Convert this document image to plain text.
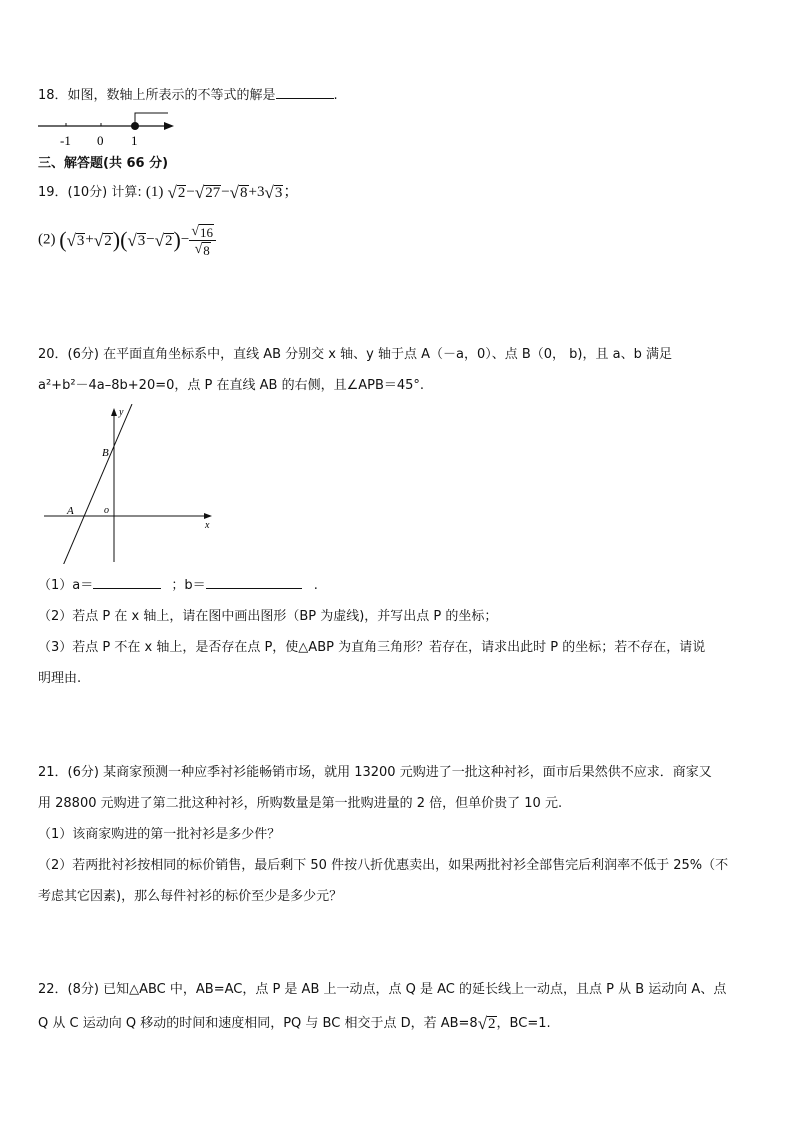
18．如图，数轴上所表示的不等式的解是	.
-1 0 1
三、解答题(共 66 分)
19．(10分) 计算: (1) √ 2 − √ 27 − √ 8 +3 √ 3 ；
(2) ( √ 3 + √ 2 )( √ 3 − √ 2 )− $\frac{√ 16}{√ 8}$
20．(6分) 在平面直角坐标系中，直线 AB 分别交 x 轴、y 轴于点 A（－a，0）、点 B（0， b)，且 a、b 满足
a²+b²－4a–8b+20=0，点 P 在直线 AB 的右侧，且∠APB＝45°.
y
x
B
A	o
（1）a＝	；b＝	.
（2）若点 P 在 x 轴上，请在图中画出图形（BP 为虚线)，并写出点 P 的坐标；
（3）若点 P 不在 x 轴上，是否存在点 P，使△ABP 为直角三角形？若存在，请求出此时 P 的坐标；若不存在，请说
明理由.
21．(6分) 某商家预测一种应季衬衫能畅销市场，就用 13200 元购进了一批这种衬衫，面市后果然供不应求．商家又
用 28800 元购进了第二批这种衬衫，所购数量是第一批购进量的 2 倍，但单价贵了 10 元.
（1）该商家购进的第一批衬衫是多少件？
（2）若两批衬衫按相同的标价销售，最后剩下 50 件按八折优惠卖出，如果两批衬衫全部售完后利润率不低于 25%（不
考虑其它因素)，那么每件衬衫的标价至少是多少元？
22．(8分) 已知△ABC 中，AB=AC，点 P 是 AB 上一动点，点 Q 是 AC 的延长线上一动点，且点 P 从 B 运动向 A、点
Q 从 C 运动向 Q 移动的时间和速度相同，PQ 与 BC 相交于点 D，若 AB=8 √ 2 ，BC=1.
